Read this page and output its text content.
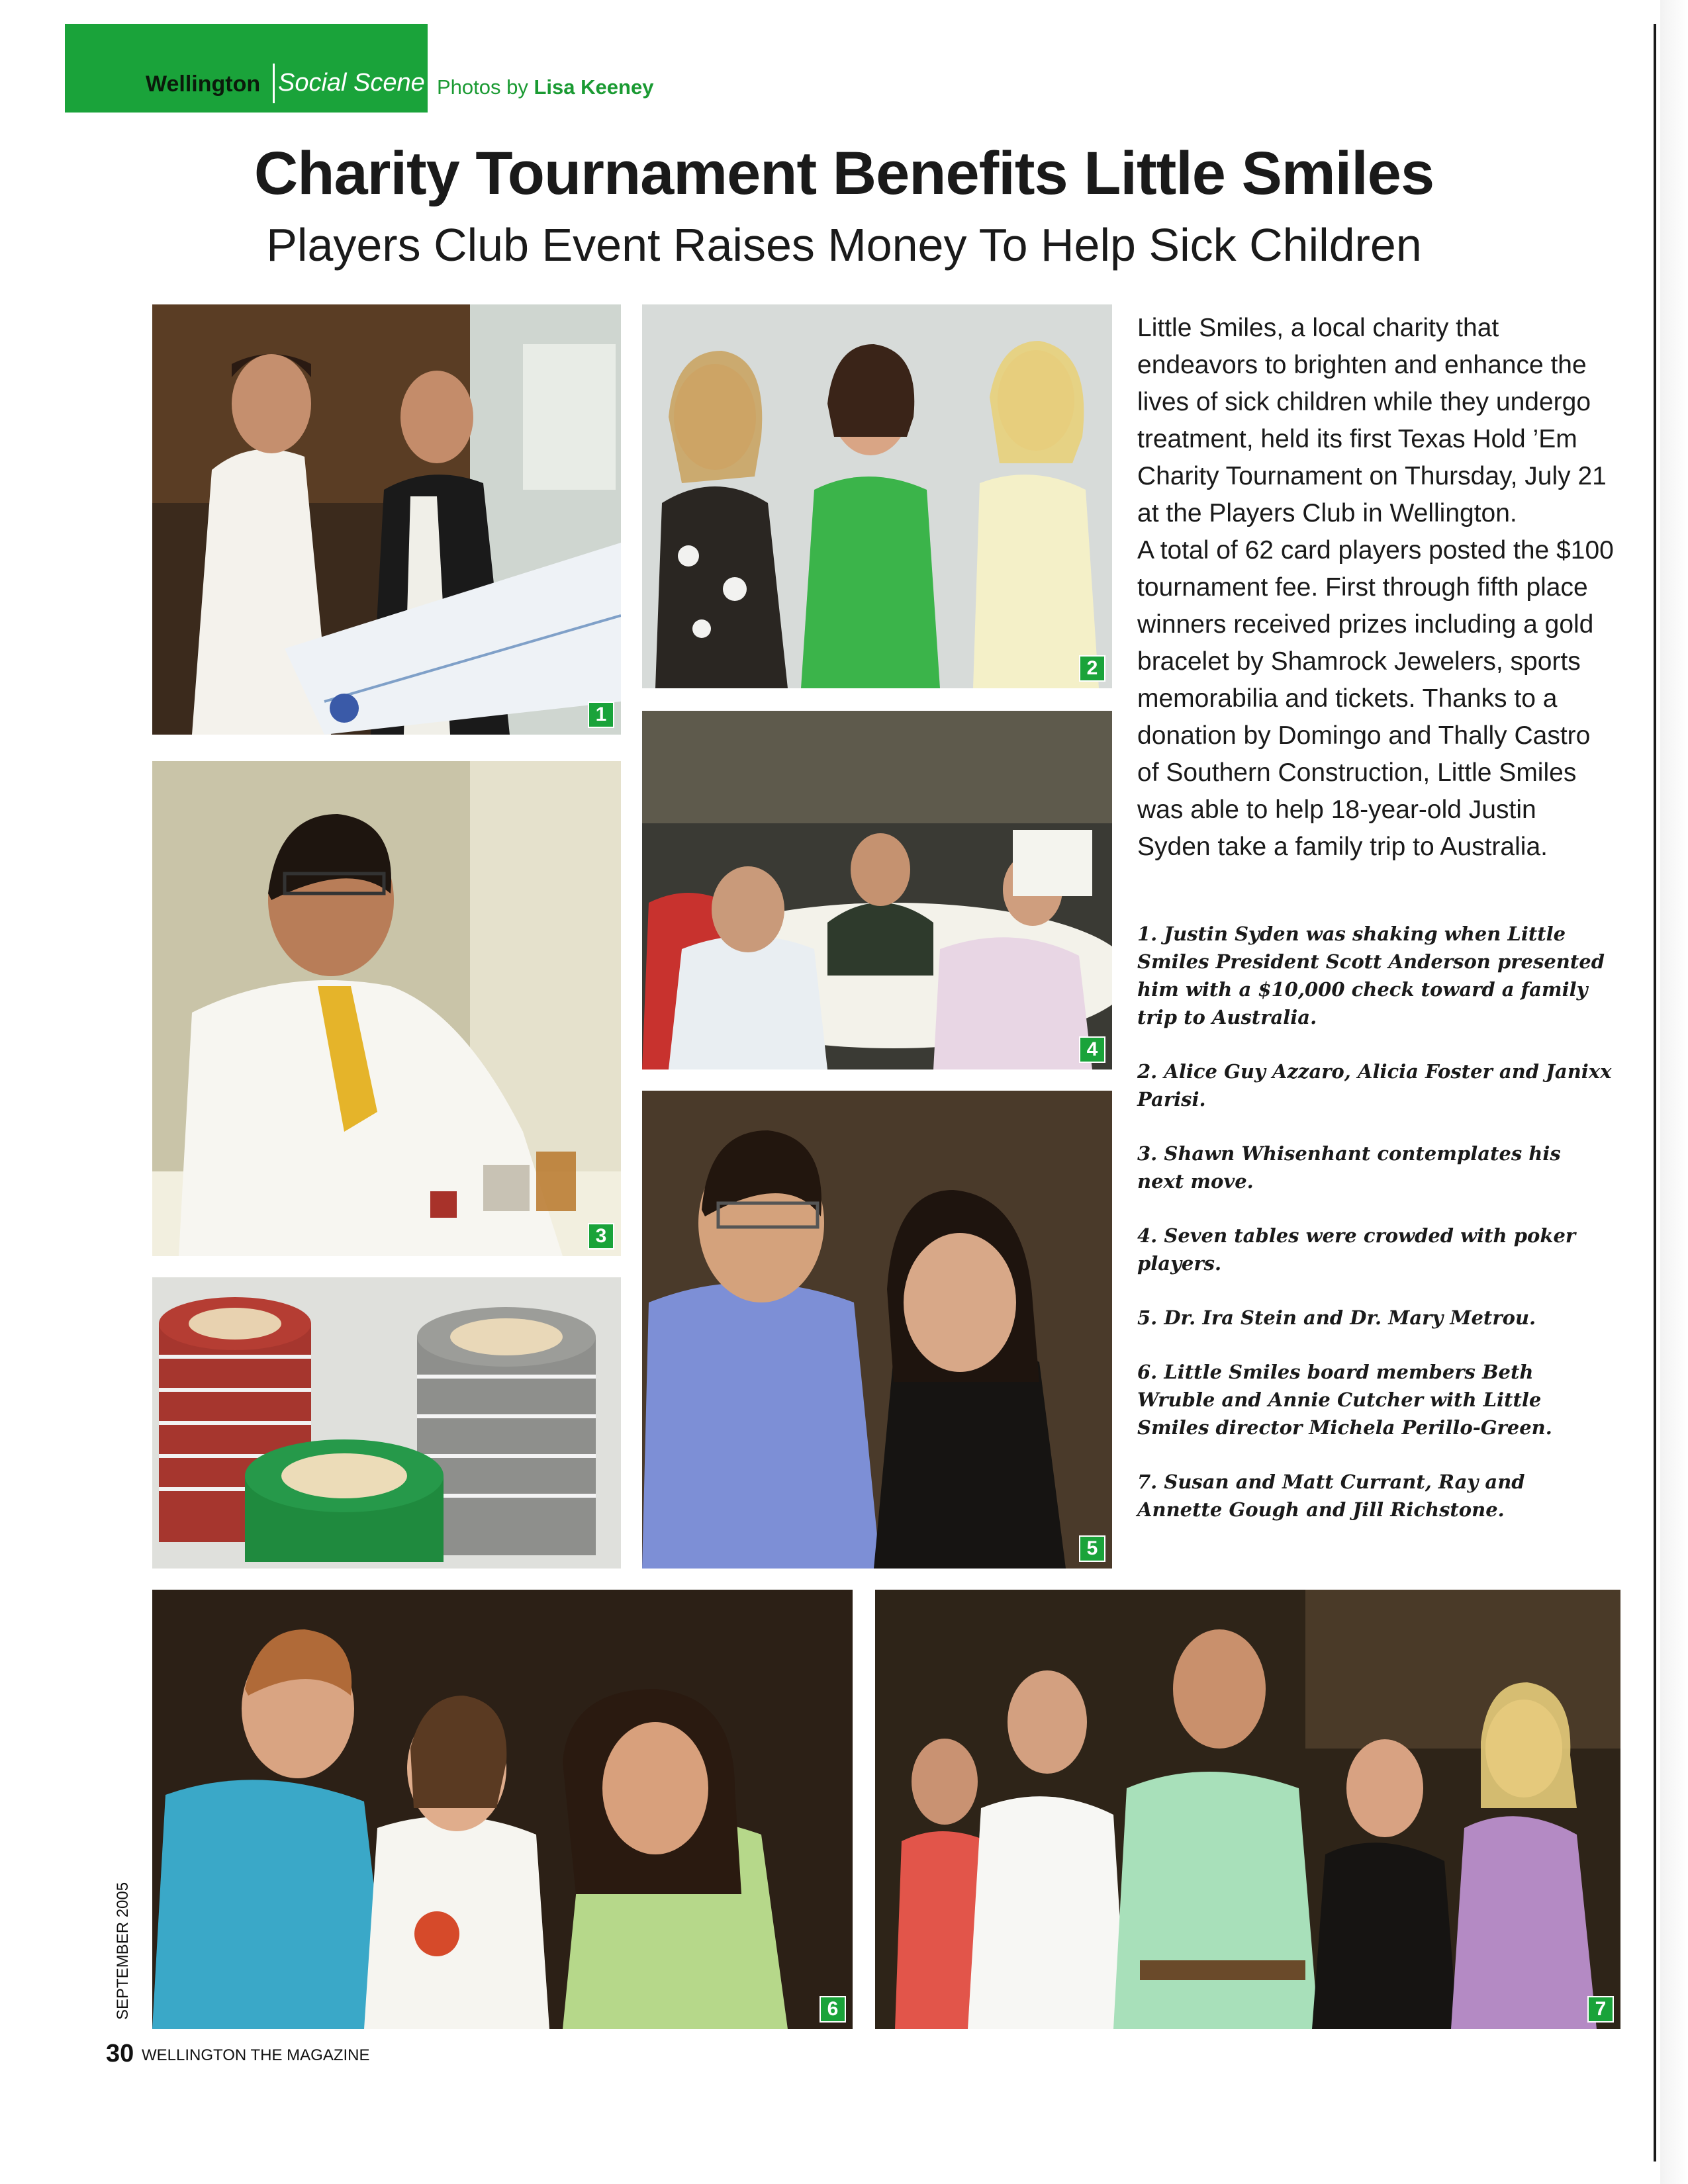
Wellington Social Scene Photos by Lisa Keeney
Charity Tournament Benefits Little Smiles
Players Club Event Raises Money To Help Sick Children
1
2
3
4
5
6	7

Little Smiles, a local charity that endeavors to brighten and enhance the lives of sick children while they undergo treatment, held its first Texas Hold ’Em Charity Tournament on Thursday, July 21 at the Players Club in Wellington.

A total of 62 card players posted the $100 tournament fee. First through fifth place winners received prizes including a gold bracelet by Shamrock Jewelers, sports memorabilia and tickets. Thanks to a donation by Domingo and Thally Castro of Southern Construction, Little Smiles was able to help 18-year-old Justin Syden take a family trip to Australia.

1. Justin Syden was shaking when Little Smiles President Scott Anderson presented him with a $10,000 check toward a family trip to Australia.

2. Alice Guy Azzaro, Alicia Foster and Janixx Parisi.

3. Shawn Whisenhant contemplates his next move.

4. Seven tables were crowded with poker players.

5. Dr. Ira Stein and Dr. Mary Metrou.

6. Little Smiles board members Beth Wruble and Annie Cutcher with Little Smiles director Michela Perillo-Green.

7. Susan and Matt Currant, Ray and Annette Gough and Jill Richstone.

SEPTEMBER 2005
30 WELLINGTON THE MAGAZINE
